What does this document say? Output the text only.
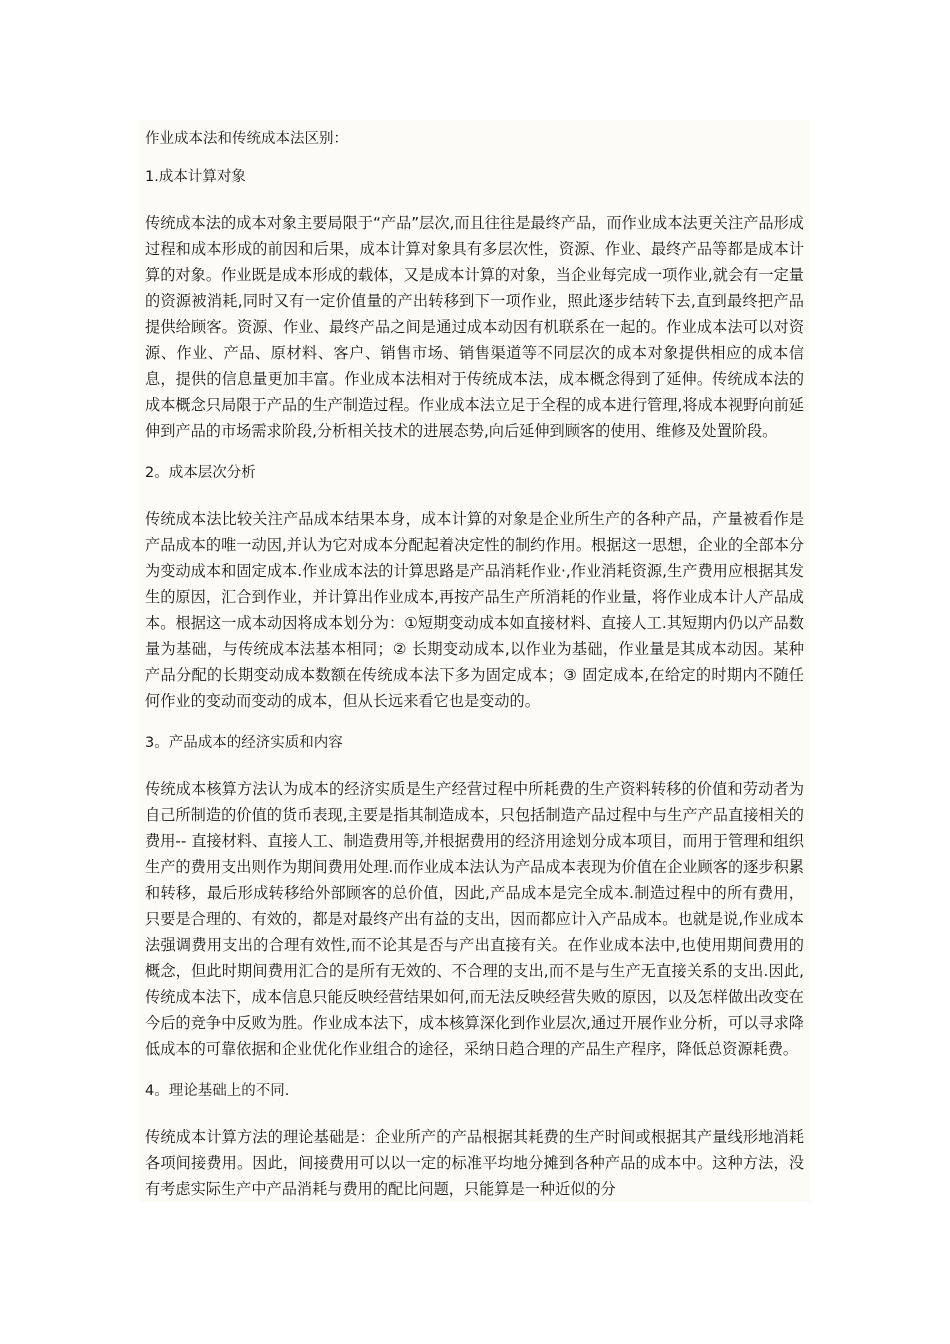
作业成本法和传统成本法区别：

1.成本计算对象

传统成本法的成本对象主要局限于“产品”层次,而且往往是最终产品，而作业成本法更关注产品形成过程和成本形成的前因和后果，成本计算对象具有多层次性，资源、作业、最终产品等都是成本计算的对象。作业既是成本形成的载体，又是成本计算的对象，当企业每完成一项作业,就会有一定量的资源被消耗,同时又有一定价值量的产出转移到下一项作业，照此逐步结转下去,直到最终把产品提供给顾客。资源、作业、最终产品之间是通过成本动因有机联系在一起的。作业成本法可以对资源、作业、产品、原材料、客户、销售市场、销售渠道等不同层次的成本对象提供相应的成本信息，提供的信息量更加丰富。作业成本法相对于传统成本法，成本概念得到了延伸。传统成本法的成本概念只局限于产品的生产制造过程。作业成本法立足于全程的成本进行管理,将成本视野向前延伸到产品的市场需求阶段,分析相关技术的进展态势,向后延伸到顾客的使用、维修及处置阶段。

2。成本层次分析

传统成本法比较关注产品成本结果本身，成本计算的对象是企业所生产的各种产品，产量被看作是产品成本的唯一动因,并认为它对成本分配起着决定性的制约作用。根据这一思想，企业的全部本分为变动成本和固定成本.作业成本法的计算思路是产品消耗作业·,作业消耗资源,生产费用应根据其发生的原因，汇合到作业，并计算出作业成本,再按产品生产所消耗的作业量，将作业成本计人产品成本。根据这一成本动因将成本划分为：①短期变动成本如直接材料、直接人工.其短期内仍以产品数量为基础，与传统成本法基本相同；② 长期变动成本,以作业为基础，作业量是其成本动因。某种产品分配的长期变动成本数额在传统成本法下多为固定成本；③ 固定成本,在给定的时期内不随任何作业的变动而变动的成本，但从长远来看它也是变动的。

3。产品成本的经济实质和内容

传统成本核算方法认为成本的经济实质是生产经营过程中所耗费的生产资料转移的价值和劳动者为自己所制造的价值的货币表现,主要是指其制造成本，只包括制造产品过程中与生产产品直接相关的费用-- 直接材料、直接人工、制造费用等,并根据费用的经济用途划分成本项目，而用于管理和组织生产的费用支出则作为期间费用处理.而作业成本法认为产品成本表现为价值在企业顾客的逐步积累和转移，最后形成转移给外部顾客的总价值，因此,产品成本是完全成本.制造过程中的所有费用，只要是合理的、有效的，都是对最终产出有益的支出，因而都应计入产品成本。也就是说,作业成本法强调费用支出的合理有效性,而不论其是否与产出直接有关。在作业成本法中,也使用期间费用的概念，但此时期间费用汇合的是所有无效的、不合理的支出,而不是与生产无直接关系的支出.因此,传统成本法下，成本信息只能反映经营结果如何,而无法反映经营失败的原因，以及怎样做出改变在今后的竞争中反败为胜。作业成本法下，成本核算深化到作业层次,通过开展作业分析，可以寻求降低成本的可靠依据和企业优化作业组合的途径，采纳日趋合理的产品生产程序，降低总资源耗费。

4。理论基础上的不同.

传统成本计算方法的理论基础是：企业所产的产品根据其耗费的生产时间或根据其产量线形地消耗各项间接费用。因此，间接费用可以以一定的标准平均地分摊到各种产品的成本中。这种方法，没有考虑实际生产中产品消耗与费用的配比问题，只能算是一种近似的分
